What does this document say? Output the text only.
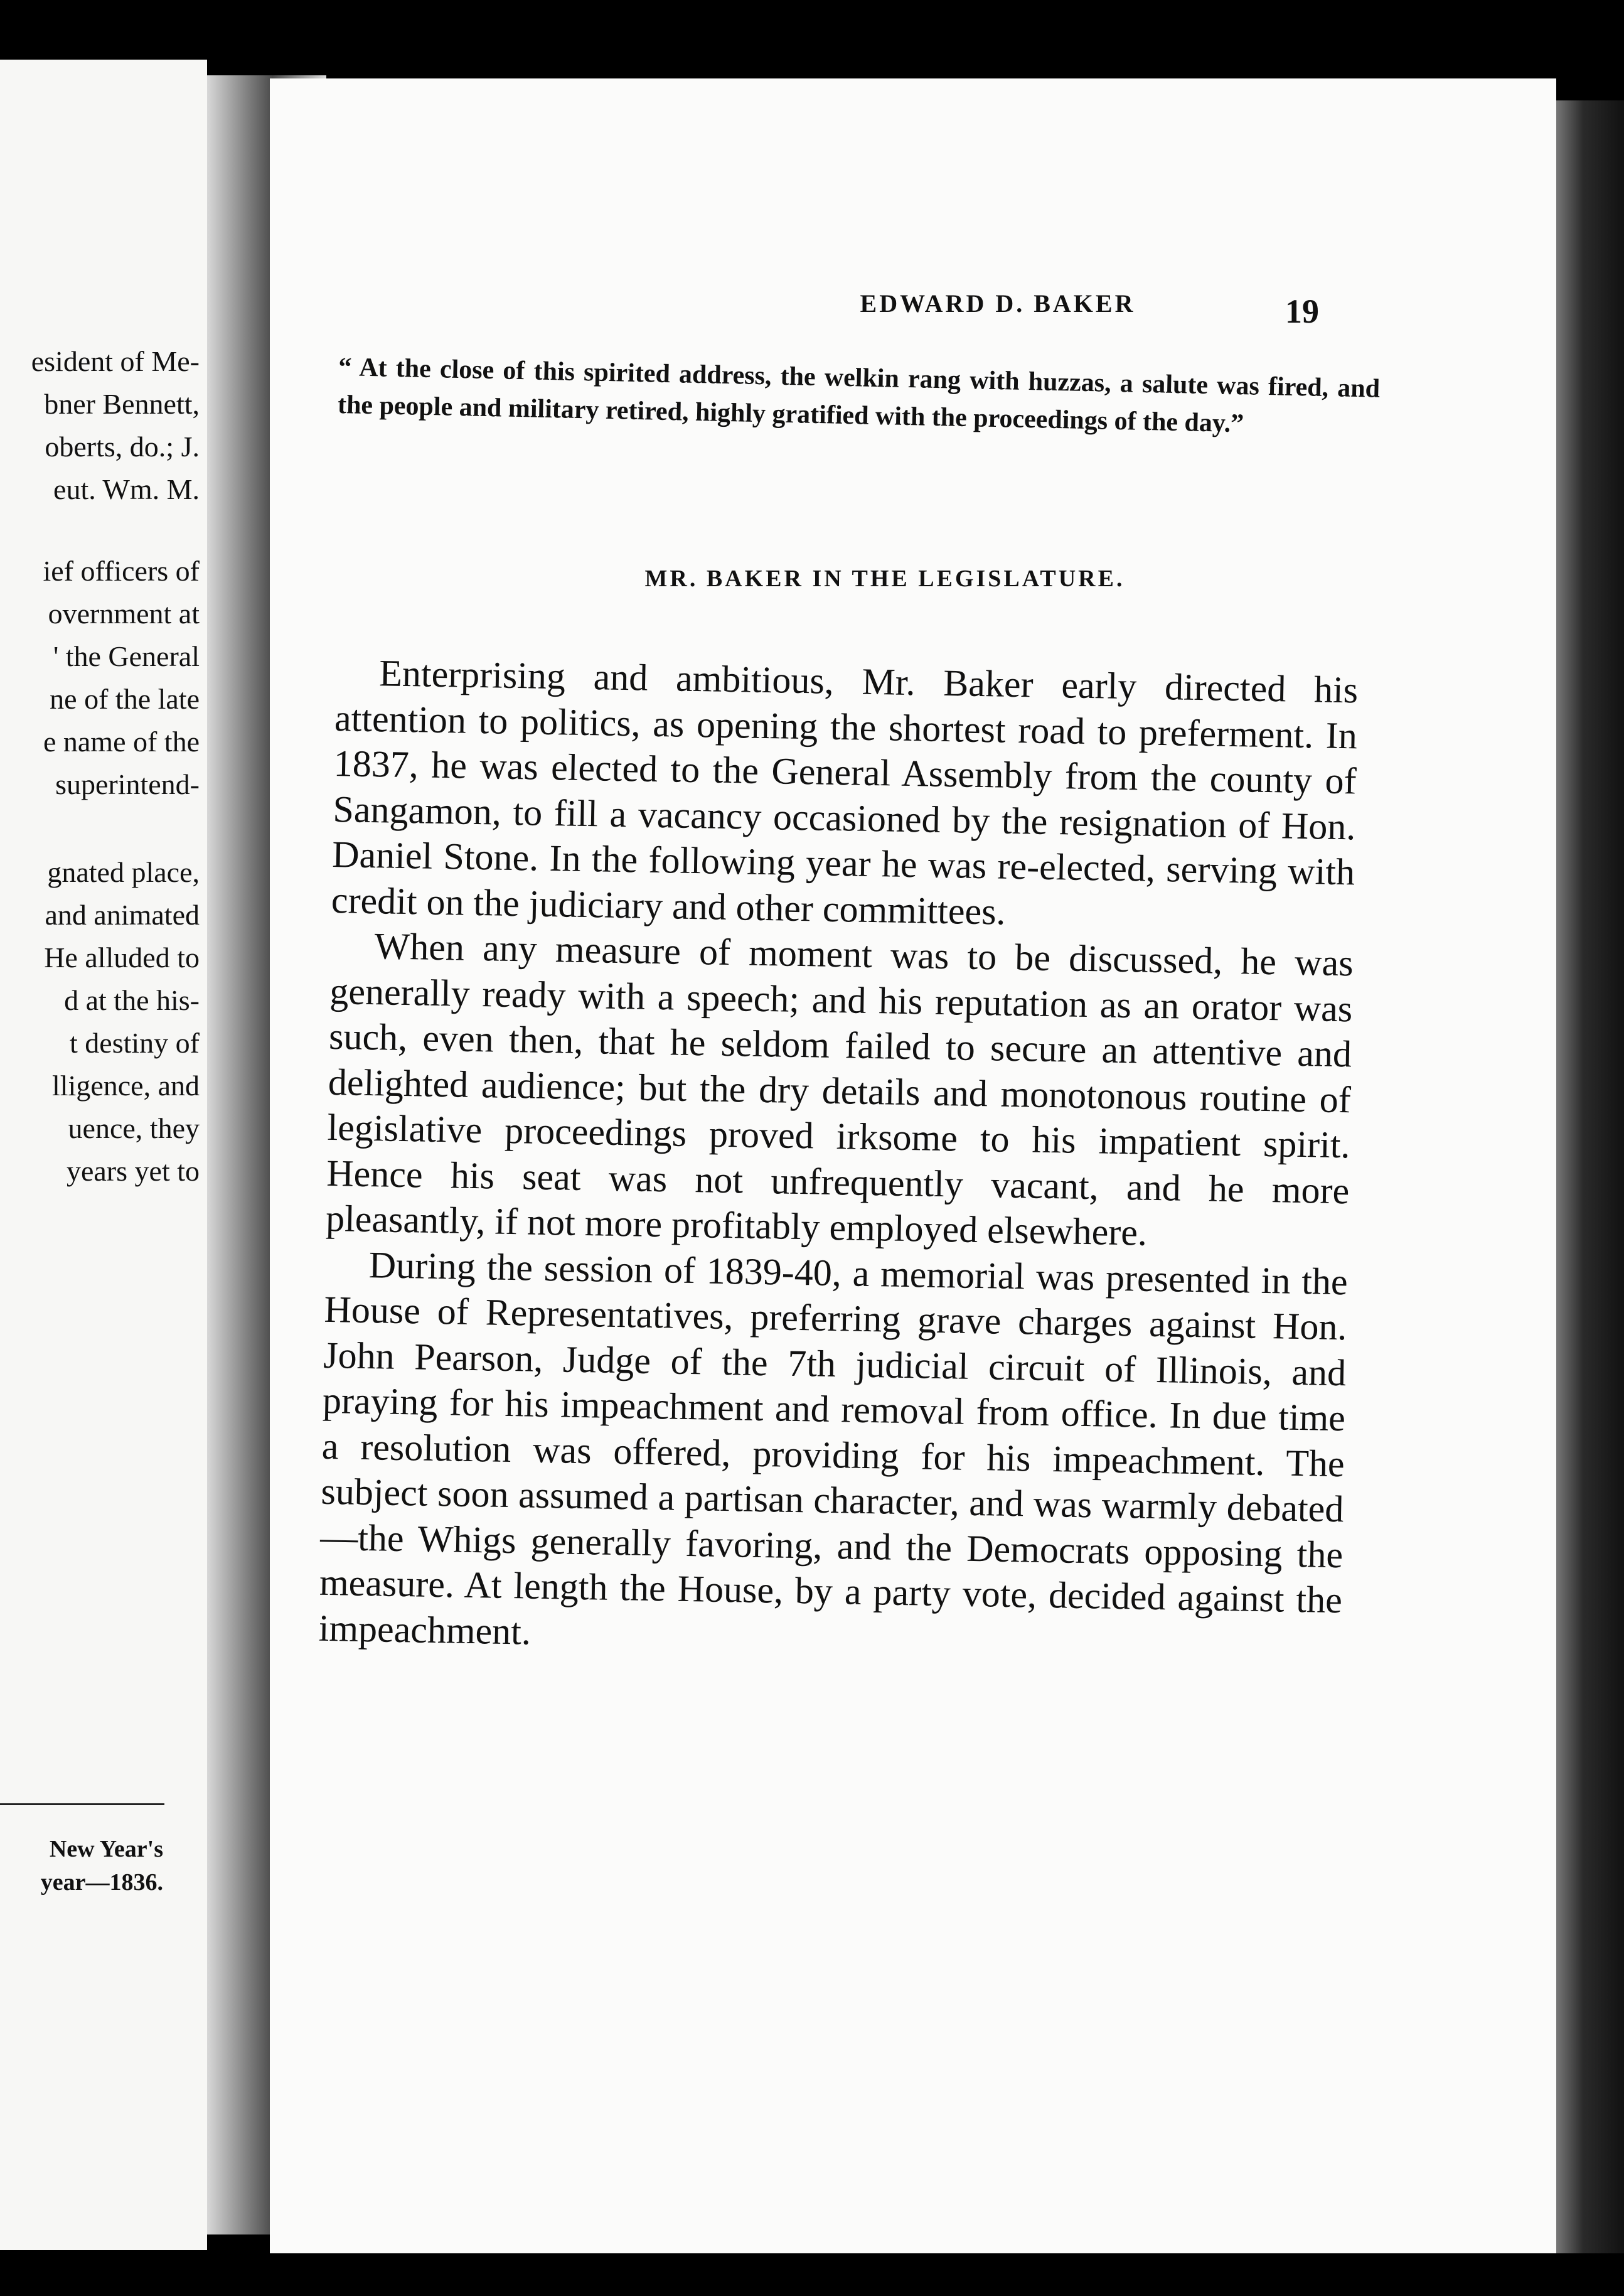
esident of Me-
bner Bennett,
oberts, do.; J.
eut. Wm. M.
ief officers of
overnment at
' the General
ne of the late
e name of the
superintend-
gnated place,
and animated
He alluded to
d at the his-
t destiny of
lligence, and
uence, they
years yet to
New Year's
year—1836.
EDWARD D. BAKER	19
“ At the close of this spirited address, the welkin rang with huzzas, a salute was fired, and the people and military retired, highly gratified with the proceedings of the day.”
MR. BAKER IN THE LEGISLATURE.

Enterprising and ambitious, Mr. Baker early directed his attention to politics, as opening the shortest road to preferment. In 1837, he was elected to the General Assembly from the county of Sangamon, to fill a vacancy occasioned by the resignation of Hon. Daniel Stone. In the following year he was re-elected, serving with credit on the judiciary and other committees.

When any measure of moment was to be discussed, he was generally ready with a speech; and his reputation as an orator was such, even then, that he seldom failed to secure an attentive and delighted audience; but the dry details and monotonous routine of legislative proceedings proved irksome to his impatient spirit. Hence his seat was not unfrequently vacant, and he more pleasantly, if not more profitably employed elsewhere.

During the session of 1839-40, a memorial was presented in the House of Representatives, preferring grave charges against Hon. John Pearson, Judge of the 7th judicial circuit of Illinois, and praying for his impeachment and removal from office. In due time a resolution was offered, providing for his impeachment. The subject soon assumed a partisan character, and was warmly debated—the Whigs generally favoring, and the Democrats opposing the measure. At length the House, by a party vote, decided against the impeachment.
